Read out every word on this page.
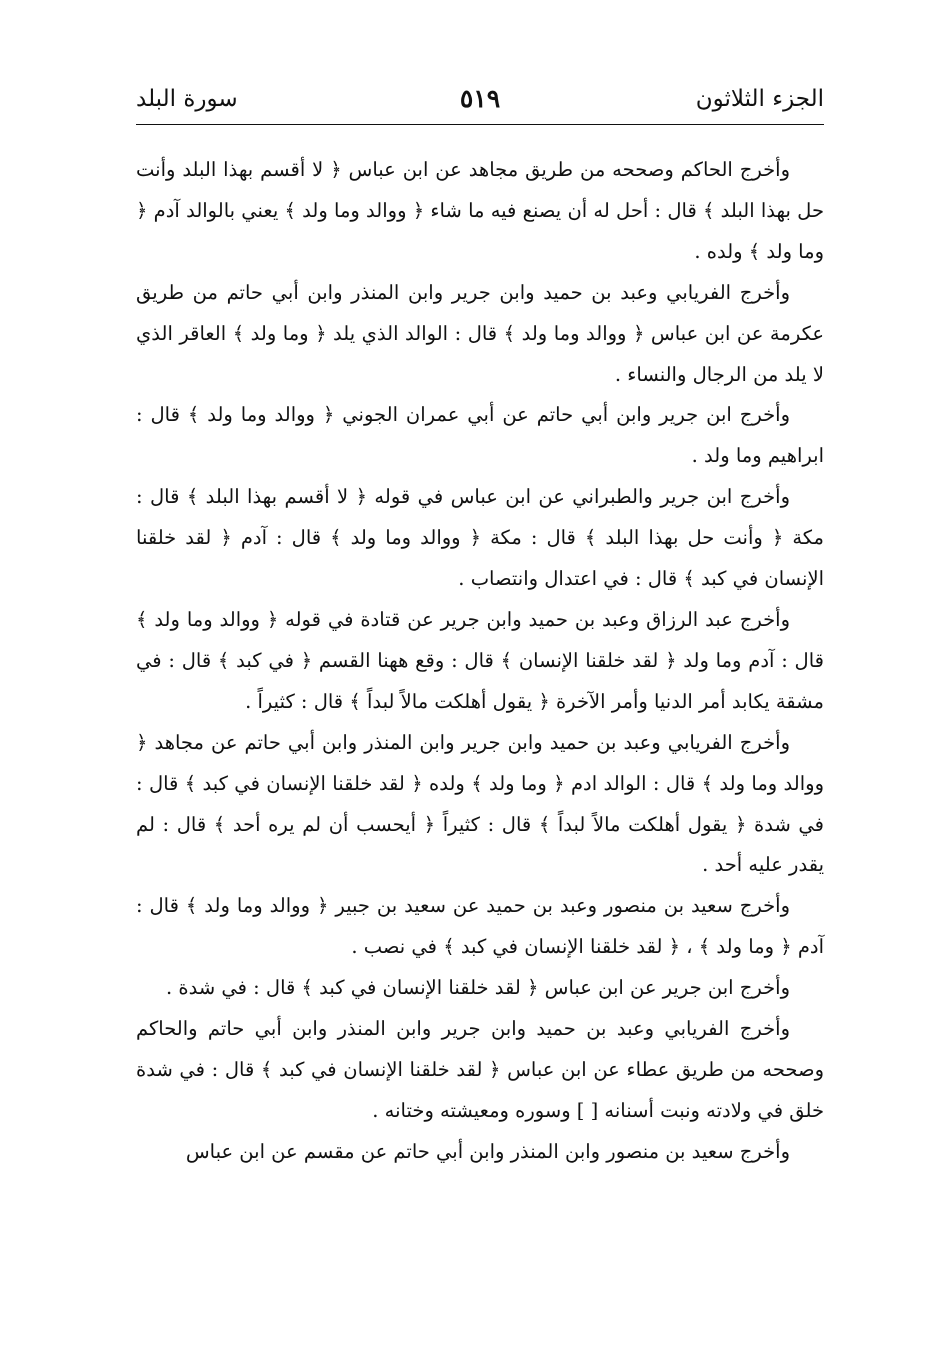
الجزء الثلاثون
٥١٩
سورة البلد

وأخرج الحاكم وصححه من طريق مجاهد عن ابن عباس ﴿ لا أقسم بهذا البلد وأنت حل بهذا البلد ﴾ قال : أحل له أن يصنع فيه ما شاء ﴿ ووالد وما ولد ﴾ يعني بالوالد آدم ﴿ وما ولد ﴾ ولده .

وأخرج الفريابي وعبد بن حميد وابن جرير وابن المنذر وابن أبي حاتم من طريق عكرمة عن ابن عباس ﴿ ووالد وما ولد ﴾ قال : الوالد الذي يلد ﴿ وما ولد ﴾ العاقر الذي لا يلد من الرجال والنساء .

وأخرج ابن جرير وابن أبي حاتم عن أبي عمران الجوني ﴿ ووالد وما ولد ﴾ قال : ابراهيم وما ولد .

وأخرج ابن جرير والطبراني عن ابن عباس في قوله ﴿ لا أقسم بهذا البلد ﴾ قال : مكة ﴿ وأنت حل بهذا البلد ﴾ قال : مكة ﴿ ووالد وما ولد ﴾ قال : آدم ﴿ لقد خلقنا الإنسان في كبد ﴾ قال : في اعتدال وانتصاب .

وأخرج عبد الرزاق وعبد بن حميد وابن جرير عن قتادة في قوله ﴿ ووالد وما ولد ﴾ قال : آدم وما ولد ﴿ لقد خلقنا الإنسان ﴾ قال : وقع ههنا القسم ﴿ في كبد ﴾ قال : في مشقة يكابد أمر الدنيا وأمر الآخرة ﴿ يقول أهلكت مالاً لبداً ﴾ قال : كثيراً .

وأخرج الفريابي وعبد بن حميد وابن جرير وابن المنذر وابن أبي حاتم عن مجاهد ﴿ ووالد وما ولد ﴾ قال : الوالد ادم ﴿ وما ولد ﴾ ولده ﴿ لقد خلقنا الإنسان في كبد ﴾ قال : في شدة ﴿ يقول أهلكت مالاً لبداً ﴾ قال : كثيراً ﴿ أيحسب أن لم يره أحد ﴾ قال : لم يقدر عليه أحد .

وأخرج سعيد بن منصور وعبد بن حميد عن سعيد بن جبير ﴿ ووالد وما ولد ﴾ قال : آدم ﴿ وما ولد ﴾ ، ﴿ لقد خلقنا الإنسان في كبد ﴾ في نصب .

وأخرج ابن جرير عن ابن عباس ﴿ لقد خلقنا الإنسان في كبد ﴾ قال : في شدة .

وأخرج الفريابي وعبد بن حميد وابن جرير وابن المنذر وابن أبي حاتم والحاكم وصححه من طريق عطاء عن ابن عباس ﴿ لقد خلقنا الإنسان في كبد ﴾ قال : في شدة خلق في ولادته ونبت أسنانه [ ] وسوره ومعيشته وختانه .

وأخرج سعيد بن منصور وابن المنذر وابن أبي حاتم عن مقسم عن ابن عباس
